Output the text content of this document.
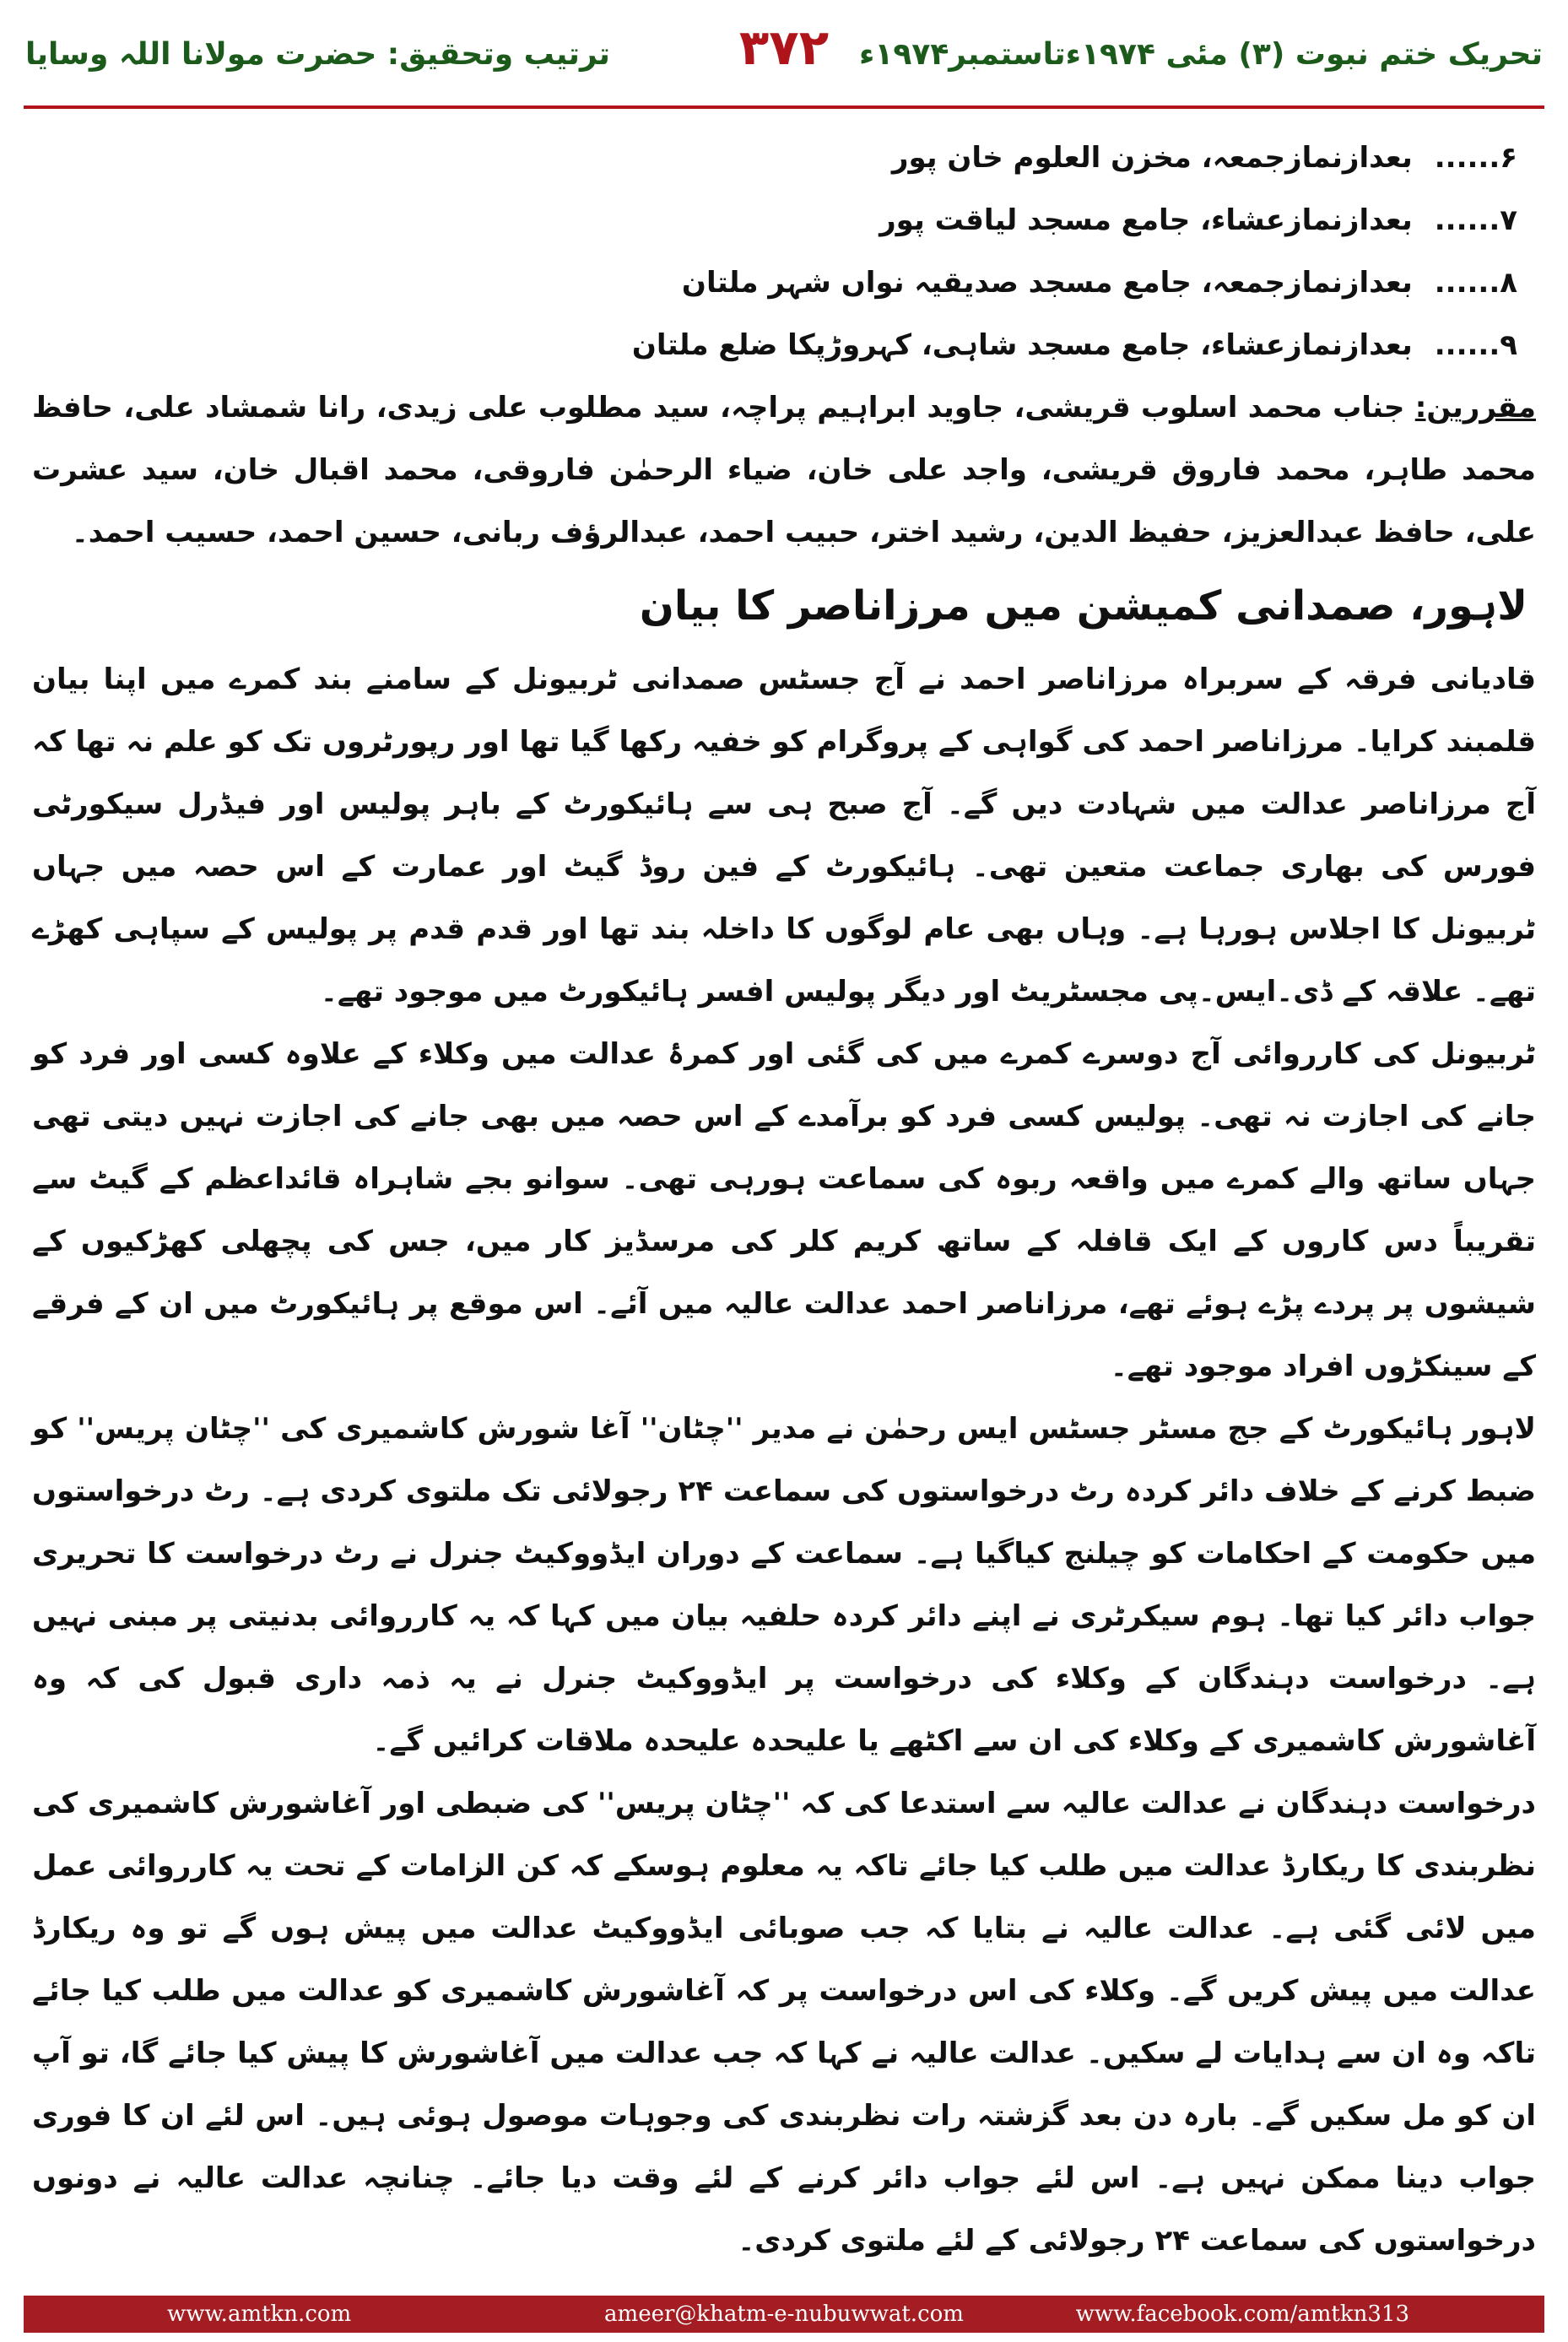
ترتیب وتحقیق: حضرت مولانا اللہ وسایا	۳۷۲ تحریک ختم نبوت (۳) مئی ۱۹۷۴ءتاستمبر۱۹۷۴ء
۶......
بعدازنمازجمعہ، مخزن العلوم خان پور
۷......
بعدازنمازعشاء، جامع مسجد لیاقت پور
۸......
بعدازنمازجمعہ، جامع مسجد صدیقیہ نواں شہر ملتان
۹......
بعدازنمازعشاء، جامع مسجد شاہی، کہروڑپکا ضلع ملتان

مقررین: جناب محمد اسلوب قریشی، جاوید ابراہیم پراچہ، سید مطلوب علی زیدی، رانا شمشاد علی، حافظ محمد طاہر، محمد فاروق قریشی، واجد علی خان، ضیاء الرحمٰن فاروقی، محمد اقبال خان، سید عشرت علی، حافظ عبدالعزیز، حفیظ الدین، رشید اختر، حبیب احمد، عبدالرؤف ربانی، حسین احمد، حسیب احمد۔

لاہور، صمدانی کمیشن میں مرزاناصر کا بیان

قادیانی فرقہ کے سربراہ مرزاناصر احمد نے آج جسٹس صمدانی ٹربیونل کے سامنے بند کمرے میں اپنا بیان قلمبند کرایا۔ مرزاناصر احمد کی گواہی کے پروگرام کو خفیہ رکھا گیا تھا اور رپورٹروں تک کو علم نہ تھا کہ آج مرزاناصر عدالت میں شہادت دیں گے۔ آج صبح ہی سے ہائیکورٹ کے باہر پولیس اور فیڈرل سیکورٹی فورس کی بھاری جماعت متعین تھی۔ ہائیکورٹ کے فین روڈ گیٹ اور عمارت کے اس حصہ میں جہاں ٹربیونل کا اجلاس ہورہا ہے۔ وہاں بھی عام لوگوں کا داخلہ بند تھا اور قدم قدم پر پولیس کے سپاہی کھڑے تھے۔ علاقہ کے ڈی۔ایس۔پی مجسٹریٹ اور دیگر پولیس افسر ہائیکورٹ میں موجود تھے۔

ٹربیونل کی کارروائی آج دوسرے کمرے میں کی گئی اور کمرۂ عدالت میں وکلاء کے علاوہ کسی اور فرد کو جانے کی اجازت نہ تھی۔ پولیس کسی فرد کو برآمدے کے اس حصہ میں بھی جانے کی اجازت نہیں دیتی تھی جہاں ساتھ والے کمرے میں واقعہ ربوہ کی سماعت ہورہی تھی۔ سوانو بجے شاہراہ قائداعظم کے گیٹ سے تقریباً دس کاروں کے ایک قافلہ کے ساتھ کریم کلر کی مرسڈیز کار میں، جس کی پچھلی کھڑکیوں کے شیشوں پر پردے پڑے ہوئے تھے، مرزاناصر احمد عدالت عالیہ میں آئے۔ اس موقع پر ہائیکورٹ میں ان کے فرقے کے سینکڑوں افراد موجود تھے۔

لاہور ہائیکورٹ کے جج مسٹر جسٹس ایس رحمٰن نے مدیر ''چٹان'' آغا شورش کاشمیری کی ''چٹان پریس'' کو ضبط کرنے کے خلاف دائر کردہ رٹ درخواستوں کی سماعت ۲۴ رجولائی تک ملتوی کردی ہے۔ رٹ درخواستوں میں حکومت کے احکامات کو چیلنج کیاگیا ہے۔ سماعت کے دوران ایڈووکیٹ جنرل نے رٹ درخواست کا تحریری جواب دائر کیا تھا۔ ہوم سیکرٹری نے اپنے دائر کردہ حلفیہ بیان میں کہا کہ یہ کارروائی بدنیتی پر مبنی نہیں ہے۔ درخواست دہندگان کے وکلاء کی درخواست پر ایڈووکیٹ جنرل نے یہ ذمہ داری قبول کی کہ وہ آغاشورش کاشمیری کے وکلاء کی ان سے اکٹھے یا علیحدہ علیحدہ ملاقات کرائیں گے۔

درخواست دہندگان نے عدالت عالیہ سے استدعا کی کہ ''چٹان پریس'' کی ضبطی اور آغاشورش کاشمیری کی نظربندی کا ریکارڈ عدالت میں طلب کیا جائے تاکہ یہ معلوم ہوسکے کہ کن الزامات کے تحت یہ کارروائی عمل میں لائی گئی ہے۔ عدالت عالیہ نے بتایا کہ جب صوبائی ایڈووکیٹ عدالت میں پیش ہوں گے تو وہ ریکارڈ عدالت میں پیش کریں گے۔ وکلاء کی اس درخواست پر کہ آغاشورش کاشمیری کو عدالت میں طلب کیا جائے تاکہ وہ ان سے ہدایات لے سکیں۔ عدالت عالیہ نے کہا کہ جب عدالت میں آغاشورش کا پیش کیا جائے گا، تو آپ ان کو مل سکیں گے۔ بارہ دن بعد گزشتہ رات نظربندی کی وجوہات موصول ہوئی ہیں۔ اس لئے ان کا فوری جواب دینا ممکن نہیں ہے۔ اس لئے جواب دائر کرنے کے لئے وقت دیا جائے۔ چنانچہ عدالت عالیہ نے دونوں درخواستوں کی سماعت ۲۴ رجولائی کے لئے ملتوی کردی۔

www.amtkn.com	ameer@khatm-e-nubuwwat.com	www.facebook.com/amtkn313
